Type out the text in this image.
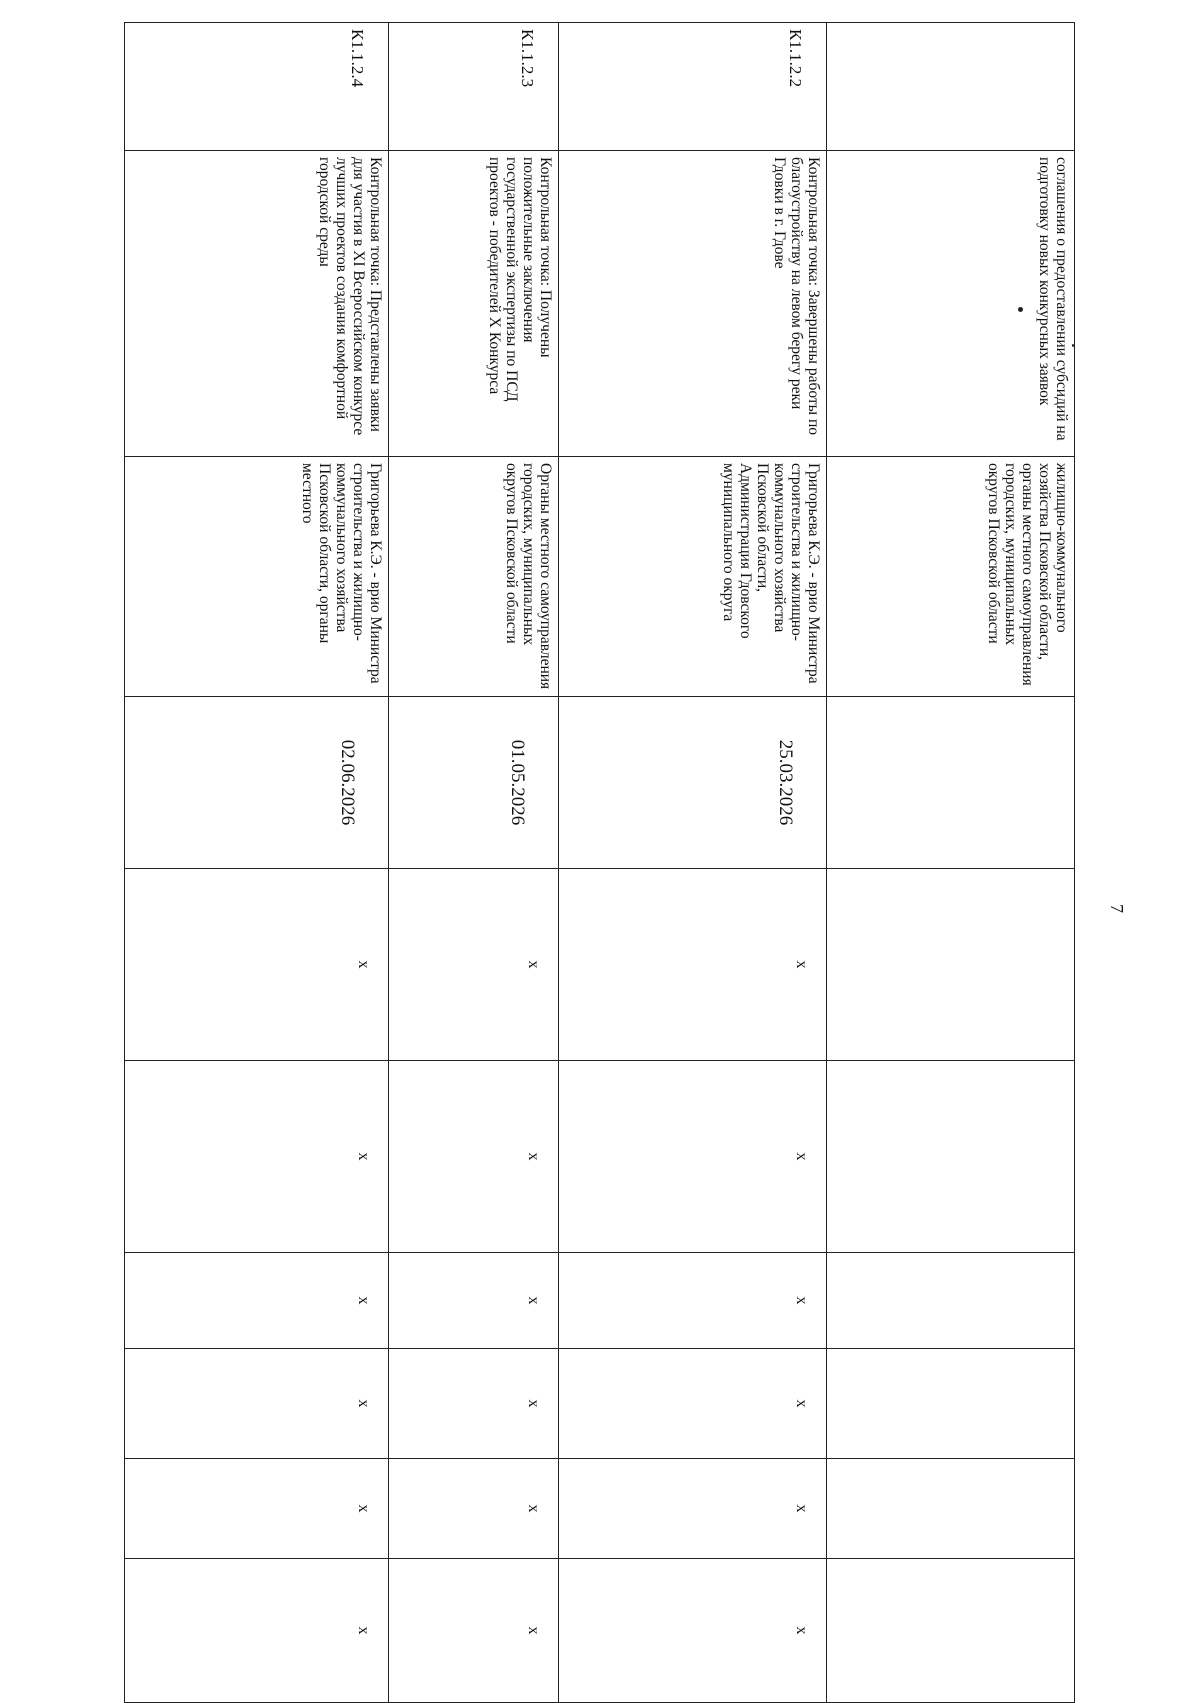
7
	соглашения о предоставлении субсидий на подготовку новых конкурсных заявок	жилищно-коммунального хозяйства Псковской области, органы местного самоуправления городских, муниципальных округов Псковской области							
К1.1.2.2	Контрольная точка: Завершены работы по благоустройству на левом берегу реки Гдовки в г. Гдове	Григорьева К.Э. - врио Министра строительства и жилищно-коммунального хозяйства Псковской области, Администрация Гдовского муниципального округа	25.03.2026	x	x	x	x	x	x
К1.1.2.3	Контрольная точка: Получены положительные заключения государственной экспертизы по ПСД проектов - победителей X Конкурса	Органы местного самоуправления городских, муниципальных округов Псковской области	01.05.2026	x	x	x	x	x	x
К1.1.2.4	Контрольная точка: Представлены заявки для участия в XI Всероссийском конкурсе лучших проектов создания комфортной городской среды	Григорьева К.Э. - врио Министра строительства и жилищно-коммунального хозяйства Псковской области, органы местного	02.06.2026	x	x	x	x	x	x
